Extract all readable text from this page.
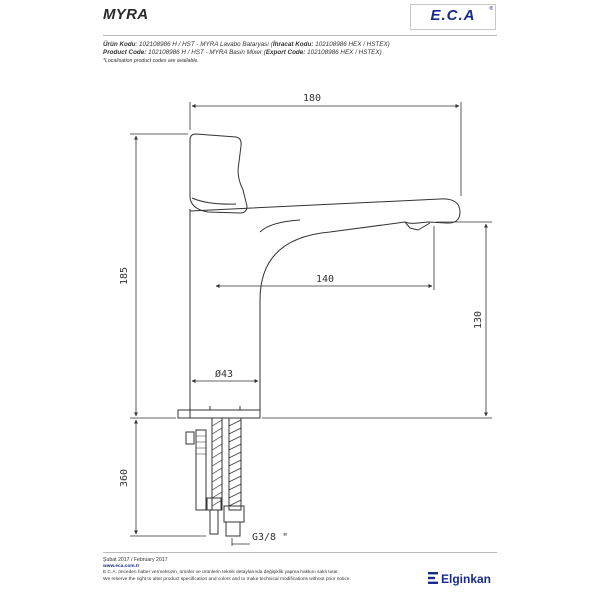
MYRA	E.C.A	®
Ürün Kodu: 102108986 H / HST - MYRA Lavabo Bataryası (İhracat Kodu: 102108986 HEX / HSTEX)
Product Code: 102108986 H / HST - MYRA Basin Mixer (Export Code: 102108986 HEX / HSTEX)
*Localisation product codes are available.
180
185	140
130
Ø43
360
G3/8 "
Şubat 2017 / February 2017
www.eca.com.tr
E.C.A. önceden haber vermeksizin, ürünler ve ürünlerin teknik detaylarında değişiklik yapma hakkını saklı tutar.
We reserve the right to alter product specification and colors and to make technical modifications without prior notice.	Elginkan
